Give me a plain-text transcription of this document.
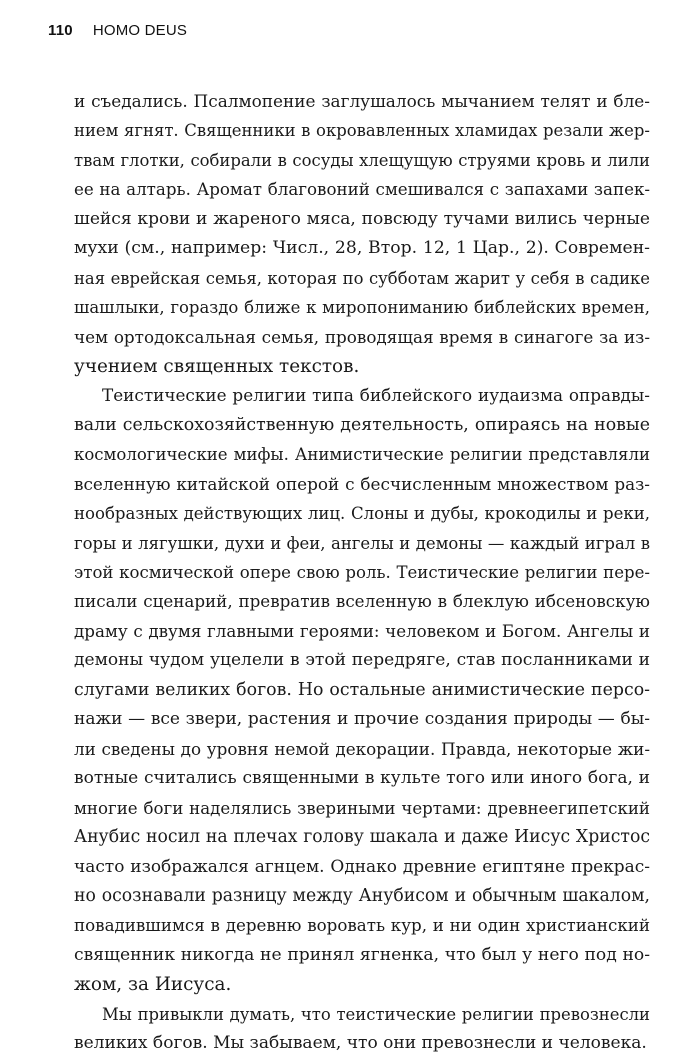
110 HOMO DEUS
и съедались. Псалмопение заглушалось мычанием телят и бле-
нием ягнят. Священники в окровавленных хламидах резали жер-
твам глотки, собирали в сосуды хлещущую струями кровь и лили
ее на алтарь. Аромат благовоний смешивался с запахами запек-
шейся крови и жареного мяса, повсюду тучами вились черные
мухи (см., например: Числ., 28, Втор. 12, 1 Цар., 2). Современ-
ная еврейская семья, которая по субботам жарит у себя в садике
шашлыки, гораздо ближе к миропониманию библейских времен,
чем ортодоксальная семья, проводящая время в синагоге за из-
учением священных текстов.
Теистические религии типа библейского иудаизма оправды-
вали сельскохозяйственную деятельность, опираясь на новые
космологические мифы. Анимистические религии представляли
вселенную китайской оперой с бесчисленным множеством раз-
нообразных действующих лиц. Слоны и дубы, крокодилы и реки,
горы и лягушки, духи и феи, ангелы и демоны — каждый играл в
этой космической опере свою роль. Теистические религии пере-
писали сценарий, превратив вселенную в блеклую ибсеновскую
драму с двумя главными героями: человеком и Богом. Ангелы и
демоны чудом уцелели в этой передряге, став посланниками и
слугами великих богов. Но остальные анимистические персо-
нажи — все звери, растения и прочие создания природы — бы-
ли сведены до уровня немой декорации. Правда, некоторые жи-
вотные считались священными в культе того или иного бога, и
многие боги наделялись звериными чертами: древнеегипетский
Анубис носил на плечах голову шакала и даже Иисус Христос
часто изображался агнцем. Однако древние египтяне прекрас-
но осознавали разницу между Анубисом и обычным шакалом,
повадившимся в деревню воровать кур, и ни один христианский
священник никогда не принял ягненка, что был у него под но-
жом, за Иисуса.
Мы привыкли думать, что теистические религии превознесли
великих богов. Мы забываем, что они превознесли и человека.
